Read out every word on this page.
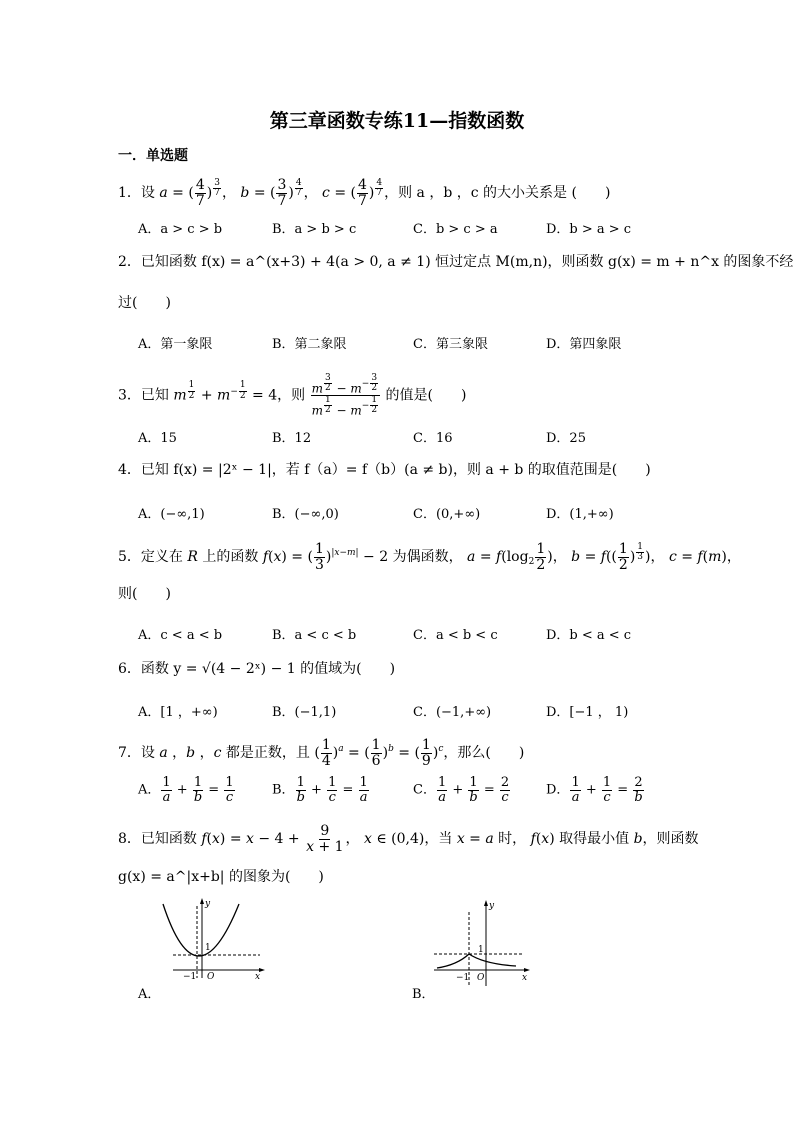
第三章函数专练11—指数函数
一．单选题
1．设 a = ( $\frac{4}{7}$ ) $^{\frac{3}{7}}$ ， b = ( $\frac{3}{7}$ ) $^{\frac{4}{7}}$ ， c = ( $\frac{4}{7}$ ) $^{\frac{4}{7}}$ ，则 a ，b ，c 的大小关系是 (　　)
A．a > c > b	B．a > b > c	C．b > c > a	D．b > a > c
2．已知函数 f(x) = a^(x+3) + 4(a > 0, a ≠ 1) 恒过定点 M(m,n)，则函数 g(x) = m + n^x 的图象不经
过(　　)
A．第一象限	B．第二象限	C．第三象限	D．第四象限
3．已知 m $^{\frac{1}{2}} + m^{- \frac{1}{2}} = 4$，则 m $^{\frac{3}{2}} - m^{- \frac{3}{2}}$
m $^{\frac{1}{2}} - m^{- \frac{1}{2}}$ 的值是(　　)
A．15	B．12	C．16	D．25
4．已知 f(x) = |2ˣ − 1|，若 f（a）= f（b）(a ≠ b)，则 a + b 的取值范围是(　　)
A．(−∞,1)	B．(−∞,0)	C．(0,+∞)	D．(1,+∞)
5．定义在 R 上的函数 f(x) = ( $\frac{1}{3} )^{|x-m|} - 2$ 为偶函数， $a = f(\log_2 \frac{1}{2}$ )， $b = f(( \frac{1}{2}$ ) $^{\frac{1}{3}}$ )， c = f(m)，
则(　　)
A．c < a < b	B．a < c < b	C．a < b < c	D．b < a < c
6．函数 y = √(4 − 2ˣ) − 1 的值域为(　　)
A．[1 ，+∞)	B．(−1,1)	C．(−1,+∞)	D．[−1 ， 1)
7．设 a ，b ，c 都是正数，且 ( $\frac{1}{4} )^a$ = ( $\frac{1}{6} )^b$ = ( $\frac{1}{9} )^c$，那么(　　)
A． $\frac{1}{a} + \frac{1}{b} = \frac{1}{c}$	B． $\frac{1}{b} + \frac{1}{c} = \frac{1}{a}$	C． $\frac{1}{a} + \frac{1}{b} = \frac{2}{c}$	D． $\frac{1}{a} + \frac{1}{c} = \frac{2}{b}$
8．已知函数 $f(x) = x - 4 + \frac{9}{x + 1}$ ， x ∈ (0,4)，当 x = a 时， f(x) 取得最小值 b，则函数
g(x) = a^|x+b| 的图象为(　　)
1
O
−1
y
x
A．
1
O
−1
y
x
B．
